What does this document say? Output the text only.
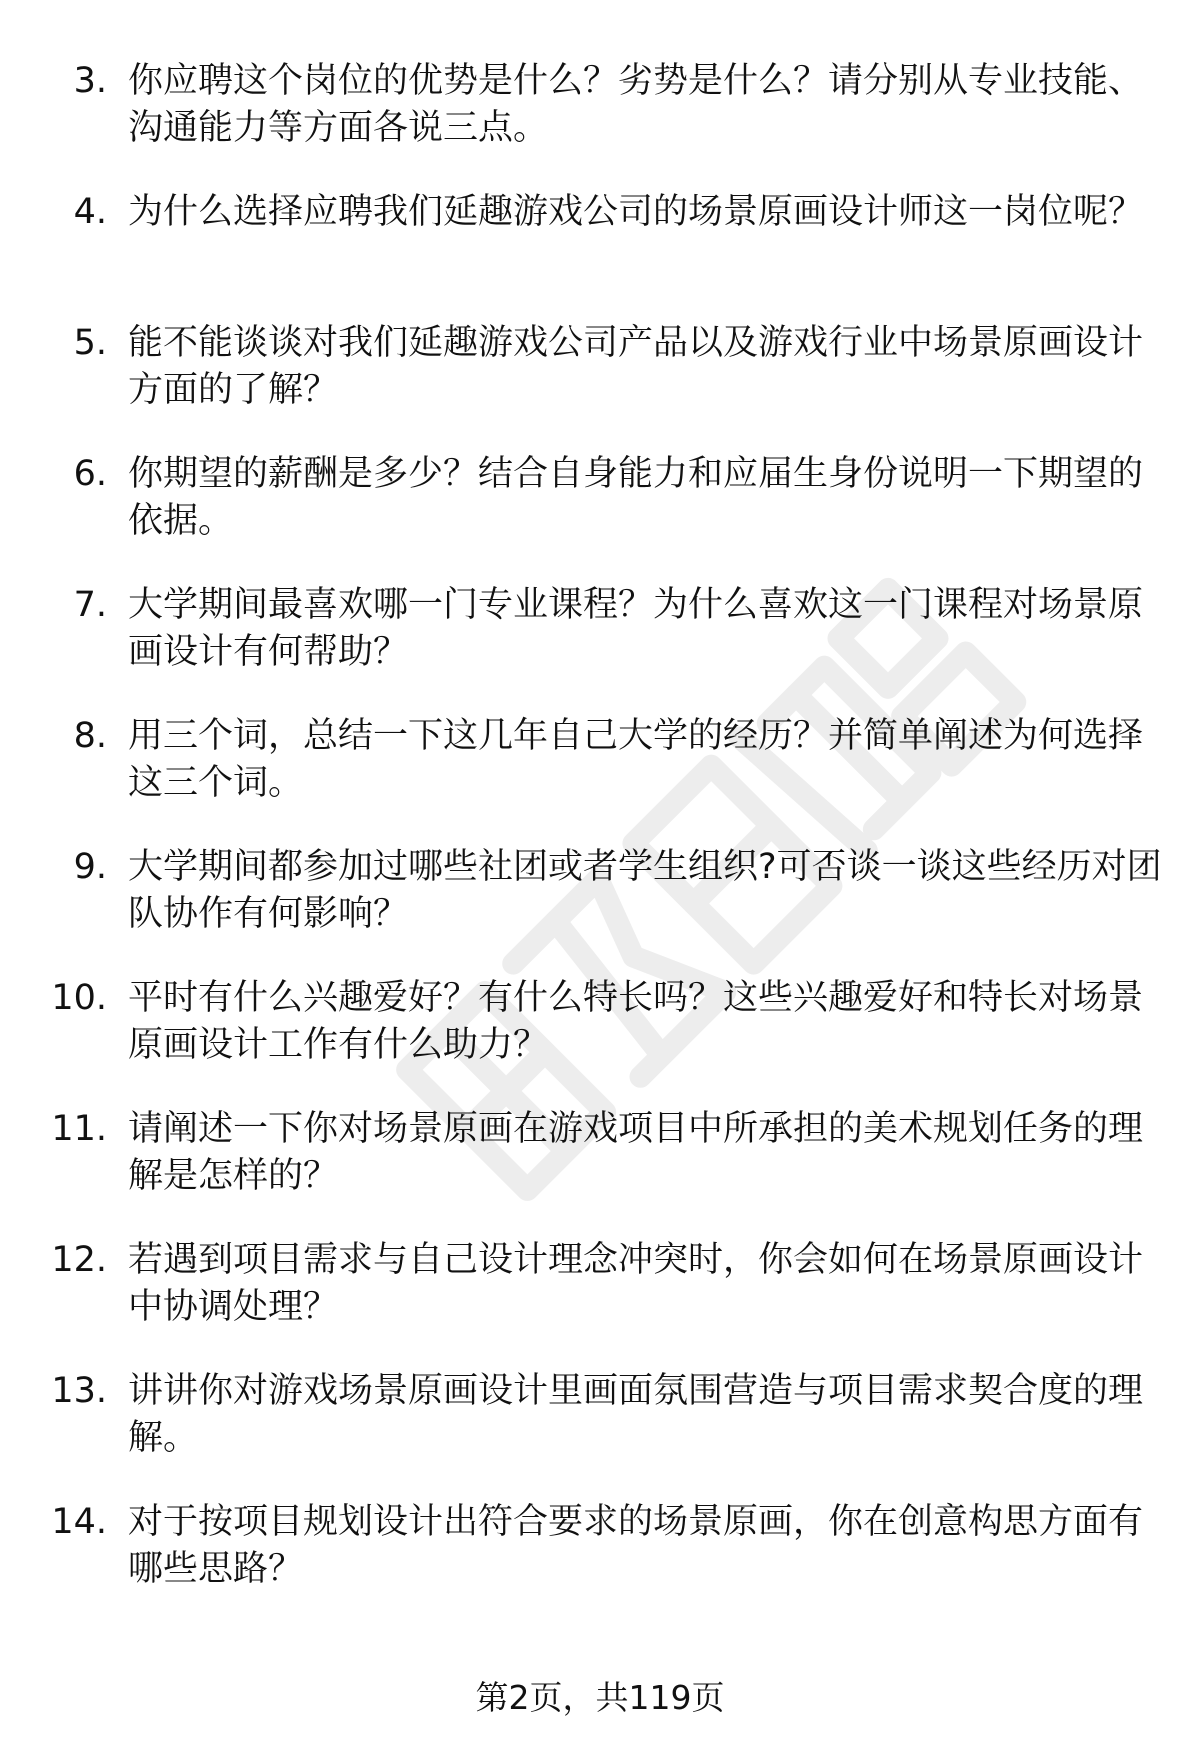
3. 你应聘这个岗位的优势是什么？劣势是什么？请分别从专业技能、沟通能力等方面各说三点。
4. 为什么选择应聘我们延趣游戏公司的场景原画设计师这一岗位呢？
5. 能不能谈谈对我们延趣游戏公司产品以及游戏行业中场景原画设计方面的了解？
6. 你期望的薪酬是多少？结合自身能力和应届生身份说明一下期望的依据。
7. 大学期间最喜欢哪一门专业课程？为什么喜欢这一门课程对场景原画设计有何帮助？
8. 用三个词，总结一下这几年自己大学的经历？并简单阐述为何选择这三个词。
9. 大学期间都参加过哪些社团或者学生组织?可否谈一谈这些经历对团队协作有何影响？
10. 平时有什么兴趣爱好？有什么特长吗？这些兴趣爱好和特长对场景原画设计工作有什么助力？
11. 请阐述一下你对场景原画在游戏项目中所承担的美术规划任务的理解是怎样的？
12. 若遇到项目需求与自己设计理念冲突时，你会如何在场景原画设计中协调处理？
13. 讲讲你对游戏场景原画设计里画面氛围营造与项目需求契合度的理解。
14. 对于按项目规划设计出符合要求的场景原画，你在创意构思方面有哪些思路？
第2页，共119页
